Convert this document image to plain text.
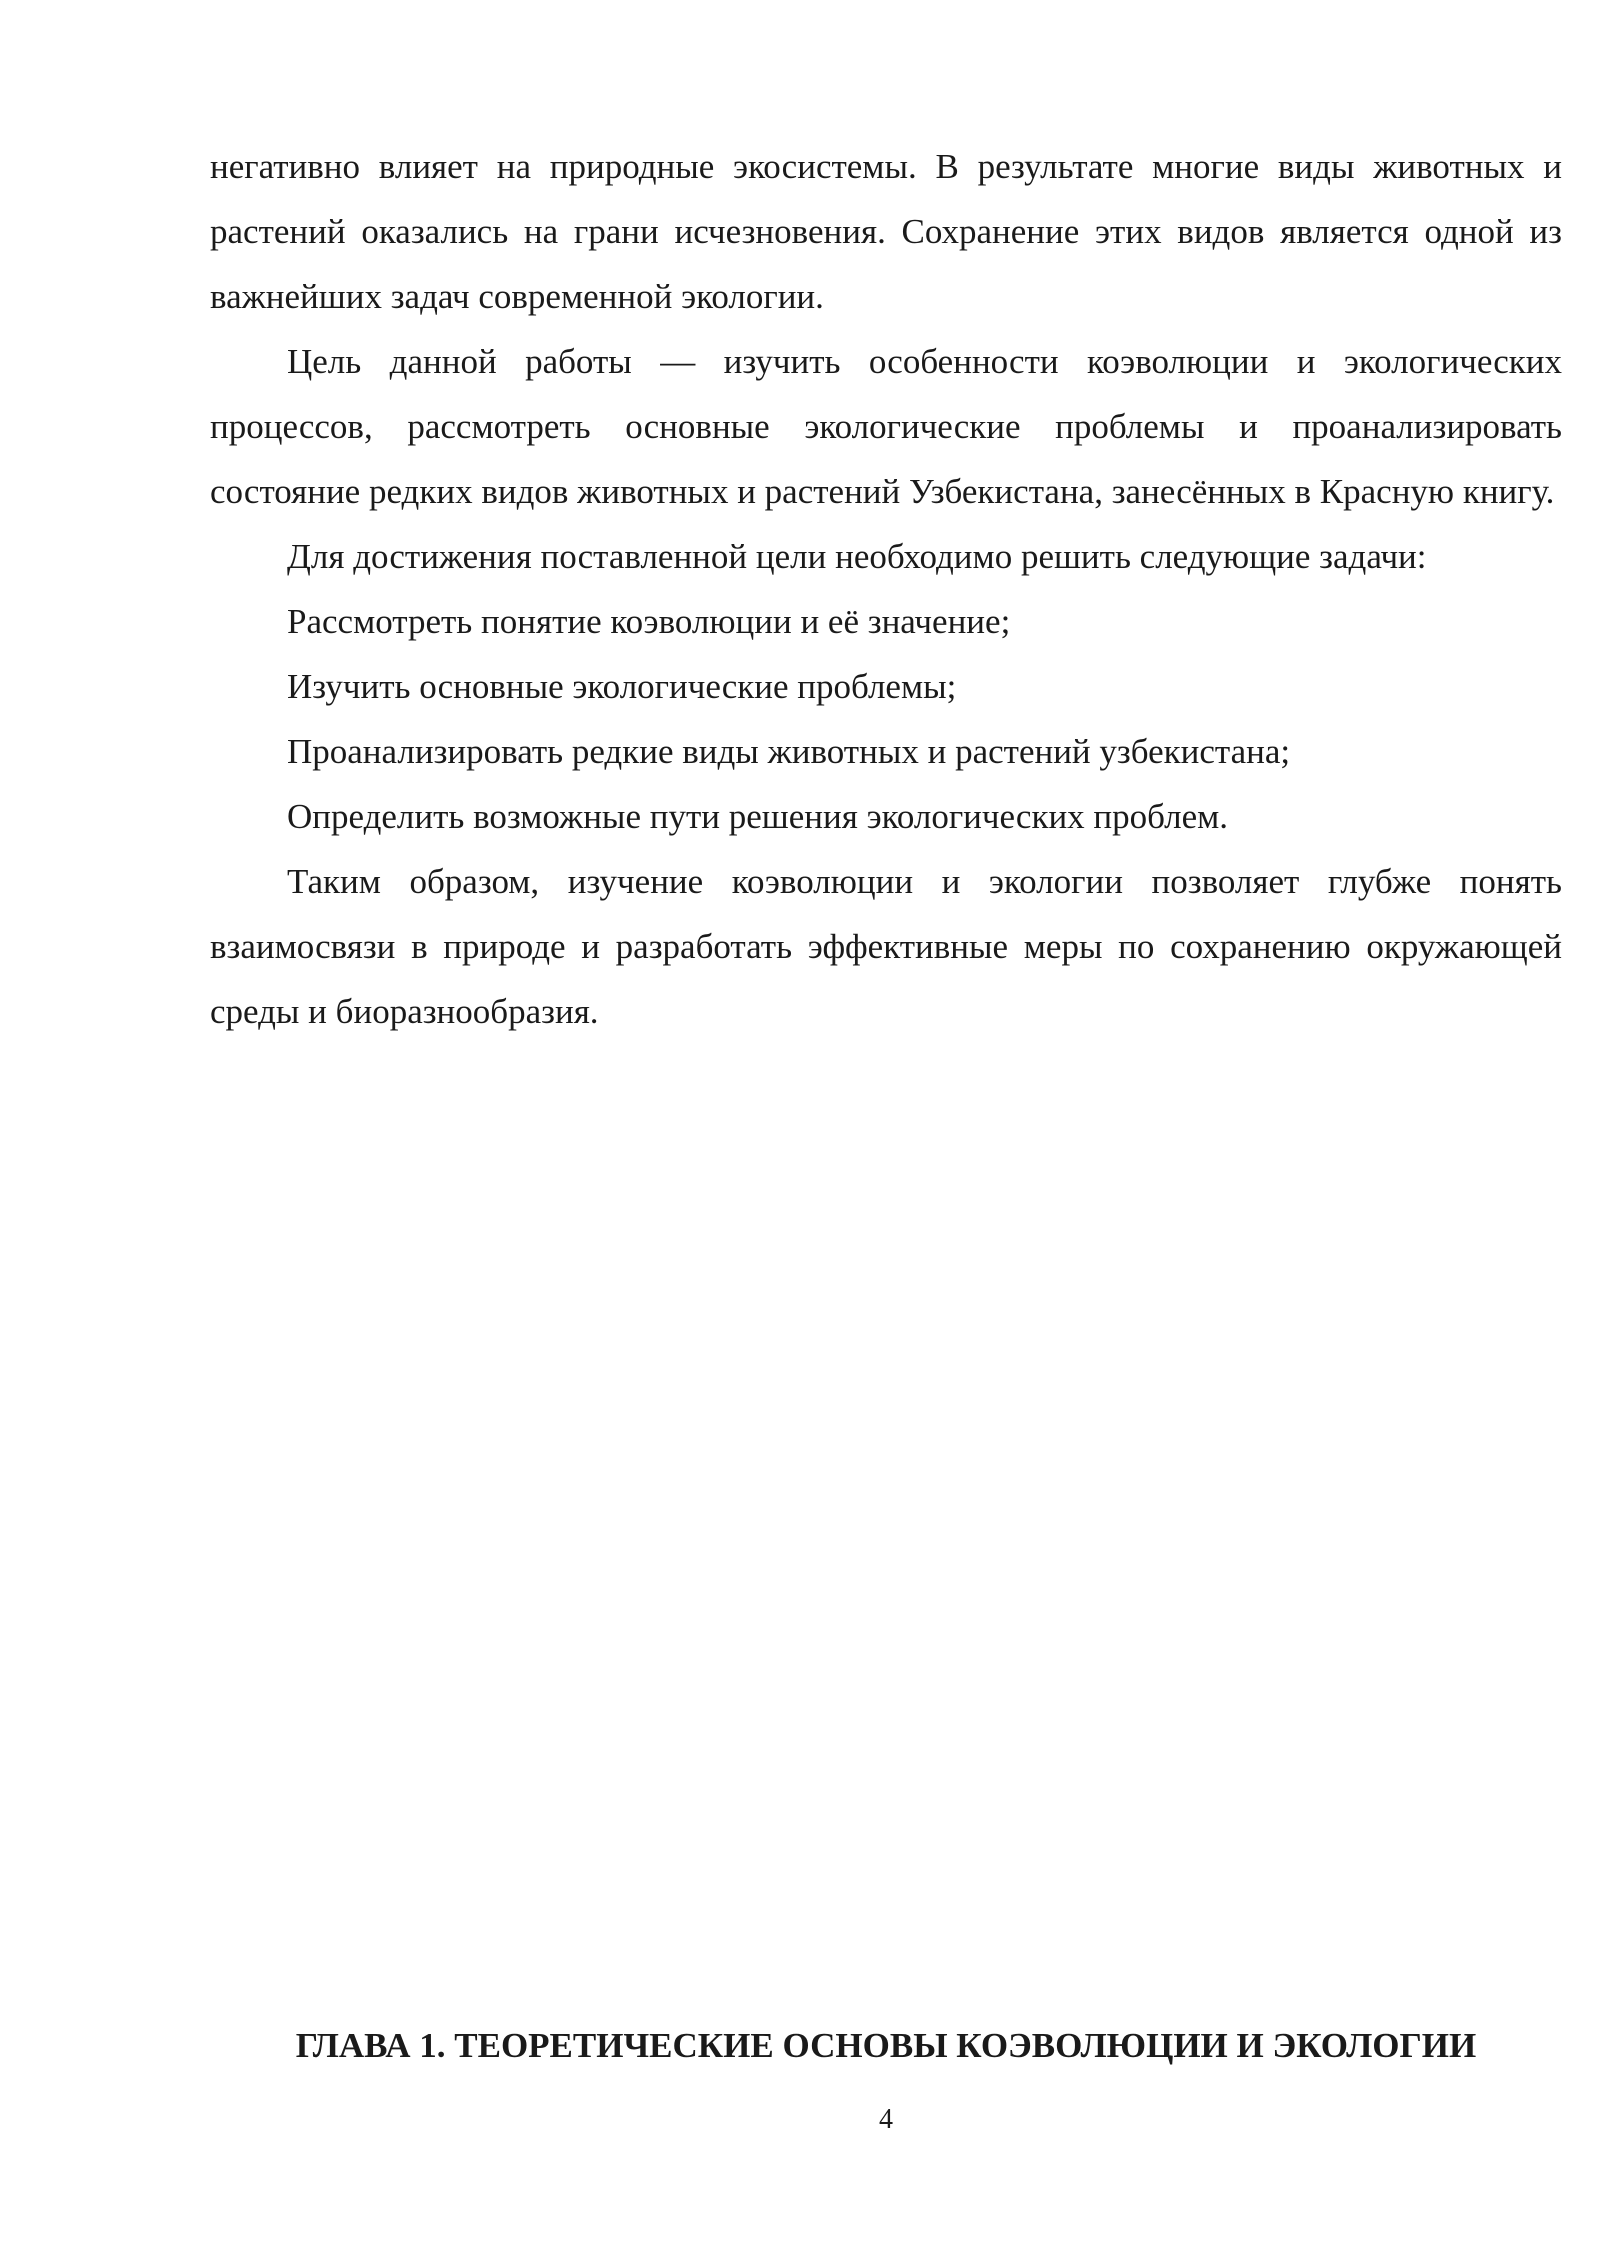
негативно влияет на природные экосистемы. В результате многие виды животных и растений оказались на грани исчезновения. Сохранение этих видов является одной из важнейших задач современной экологии.

Цель данной работы — изучить особенности коэволюции и экологических процессов, рассмотреть основные экологические проблемы и проанализировать состояние редких видов животных и растений Узбекистана, занесённых в Красную книгу.

Для достижения поставленной цели необходимо решить следующие задачи:

Рассмотреть понятие коэволюции и её значение;

Изучить основные экологические проблемы;

Проанализировать редкие виды животных и растений узбекистана;

Определить возможные пути решения экологических проблем.

Таким образом, изучение коэволюции и экологии позволяет глубже понять взаимосвязи в природе и разработать эффективные меры по сохранению окружающей среды и биоразнообразия.

ГЛАВА 1. ТЕОРЕТИЧЕСКИЕ ОСНОВЫ КОЭВОЛЮЦИИ И ЭКОЛОГИИ
4
